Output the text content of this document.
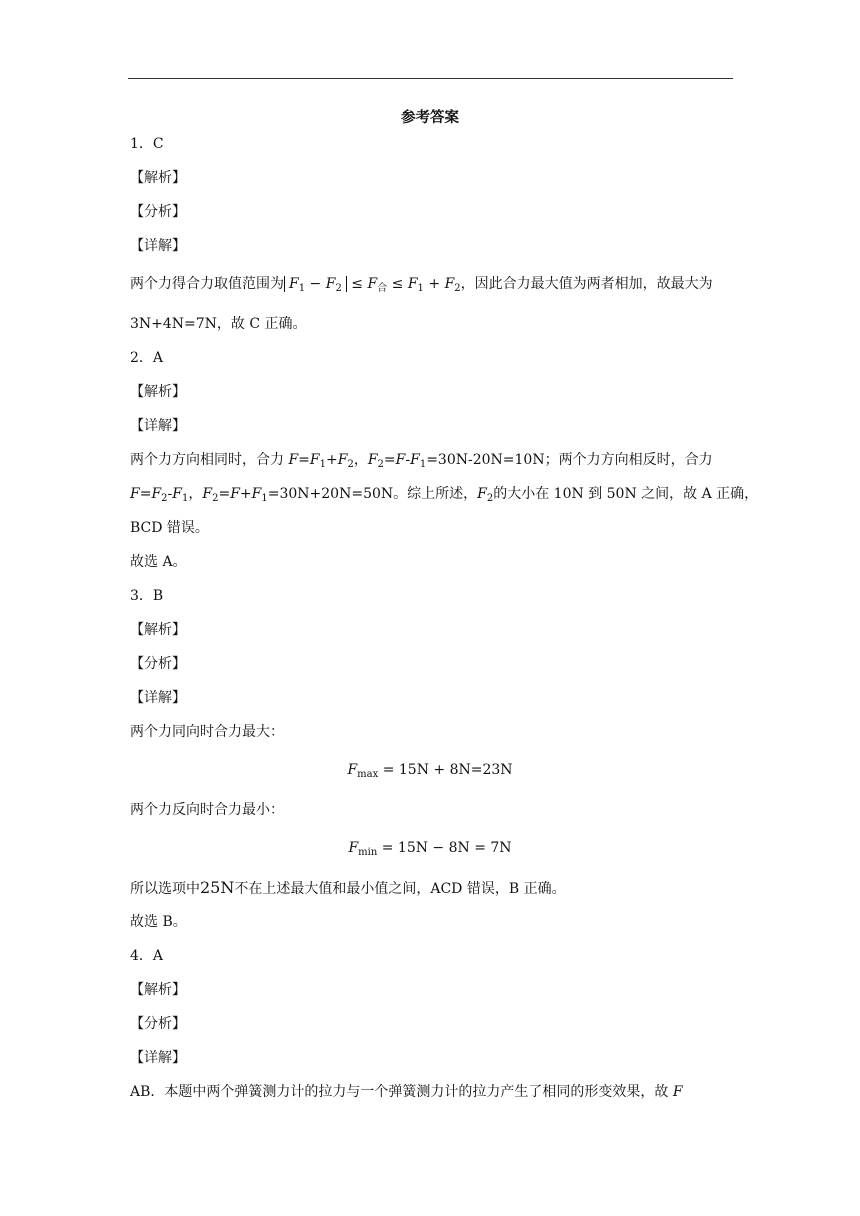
参考答案
1．C
【解析】
【分析】
【详解】
两个力得合力取值范围为 $F_1 - F_2 \le F_合 \le F_1 + F_2$，因此合力最大值为两者相加，故最大为
3N+4N=7N，故 C 正确。
2．A
【解析】
【详解】
两个力方向相同时，合力 $F=F_1+F_2$，$F_2=F-F_1=30N-20N=10N$；两个力方向相反时，合力
$F=F_2-F_1$，$F_2=F+F_1=30N+20N=50N$。综上所述，$F_2$的大小在 10N 到 50N 之间，故 A 正确，
BCD 错误。
故选 A。
3．B
【解析】
【分析】
【详解】
两个力同向时合力最大：
$F_{max} = 15N + 8N=23N$
两个力反向时合力最小：
$F_{min} = 15N - 8N = 7N$
所以选项中25N不在上述最大值和最小值之间，ACD 错误，B 正确。
故选 B。
4．A
【解析】
【分析】
【详解】
AB．本题中两个弹簧测力计的拉力与一个弹簧测力计的拉力产生了相同的形变效果，故 F
